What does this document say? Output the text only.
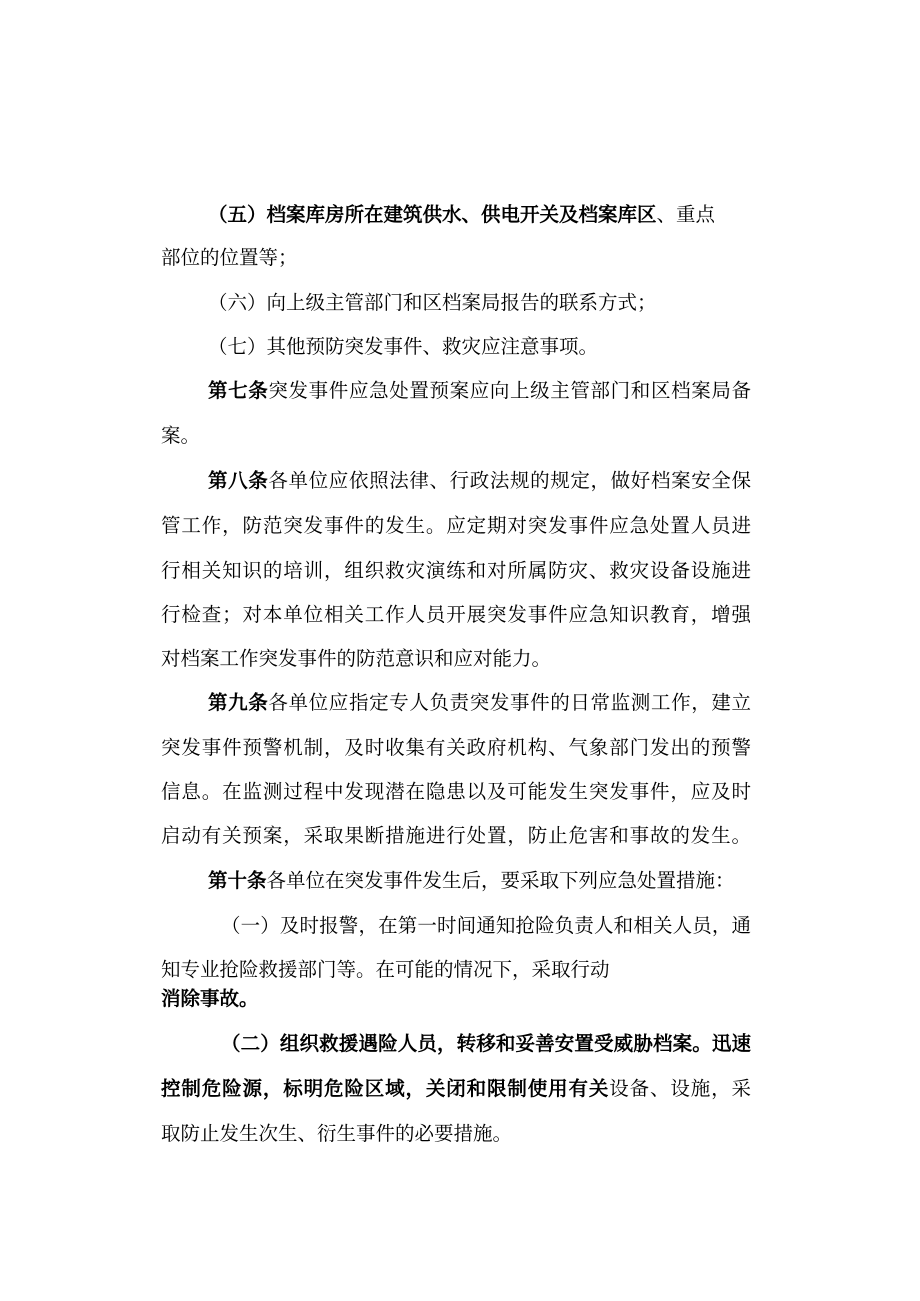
（五）档案库房所在建筑供水、供电开关及档案库区、重点
部位的位置等；
（六）向上级主管部门和区档案局报告的联系方式；
（七）其他预防突发事件、救灾应注意事项。
第七条突发事件应急处置预案应向上级主管部门和区档案局备
案。
第八条各单位应依照法律、行政法规的规定，做好档案安全保
管工作，防范突发事件的发生。应定期对突发事件应急处置人员进
行相关知识的培训，组织救灾演练和对所属防灾、救灾设备设施进
行检查；对本单位相关工作人员开展突发事件应急知识教育，增强
对档案工作突发事件的防范意识和应对能力。
第九条各单位应指定专人负责突发事件的日常监测工作，建立
突发事件预警机制，及时收集有关政府机构、气象部门发出的预警
信息。在监测过程中发现潜在隐患以及可能发生突发事件，应及时
启动有关预案，采取果断措施进行处置，防止危害和事故的发生。
第十条各单位在突发事件发生后，要采取下列应急处置措施：
（一）及时报警，在第一时间通知抢险负责人和相关人员，通
知专业抢险救援部门等。在可能的情况下，采取行动
消除事故。
（二）组织救援遇险人员，转移和妥善安置受威胁档案。迅速
控制危险源，标明危险区域，关闭和限制使用有关设备、设施，采
取防止发生次生、衍生事件的必要措施。
